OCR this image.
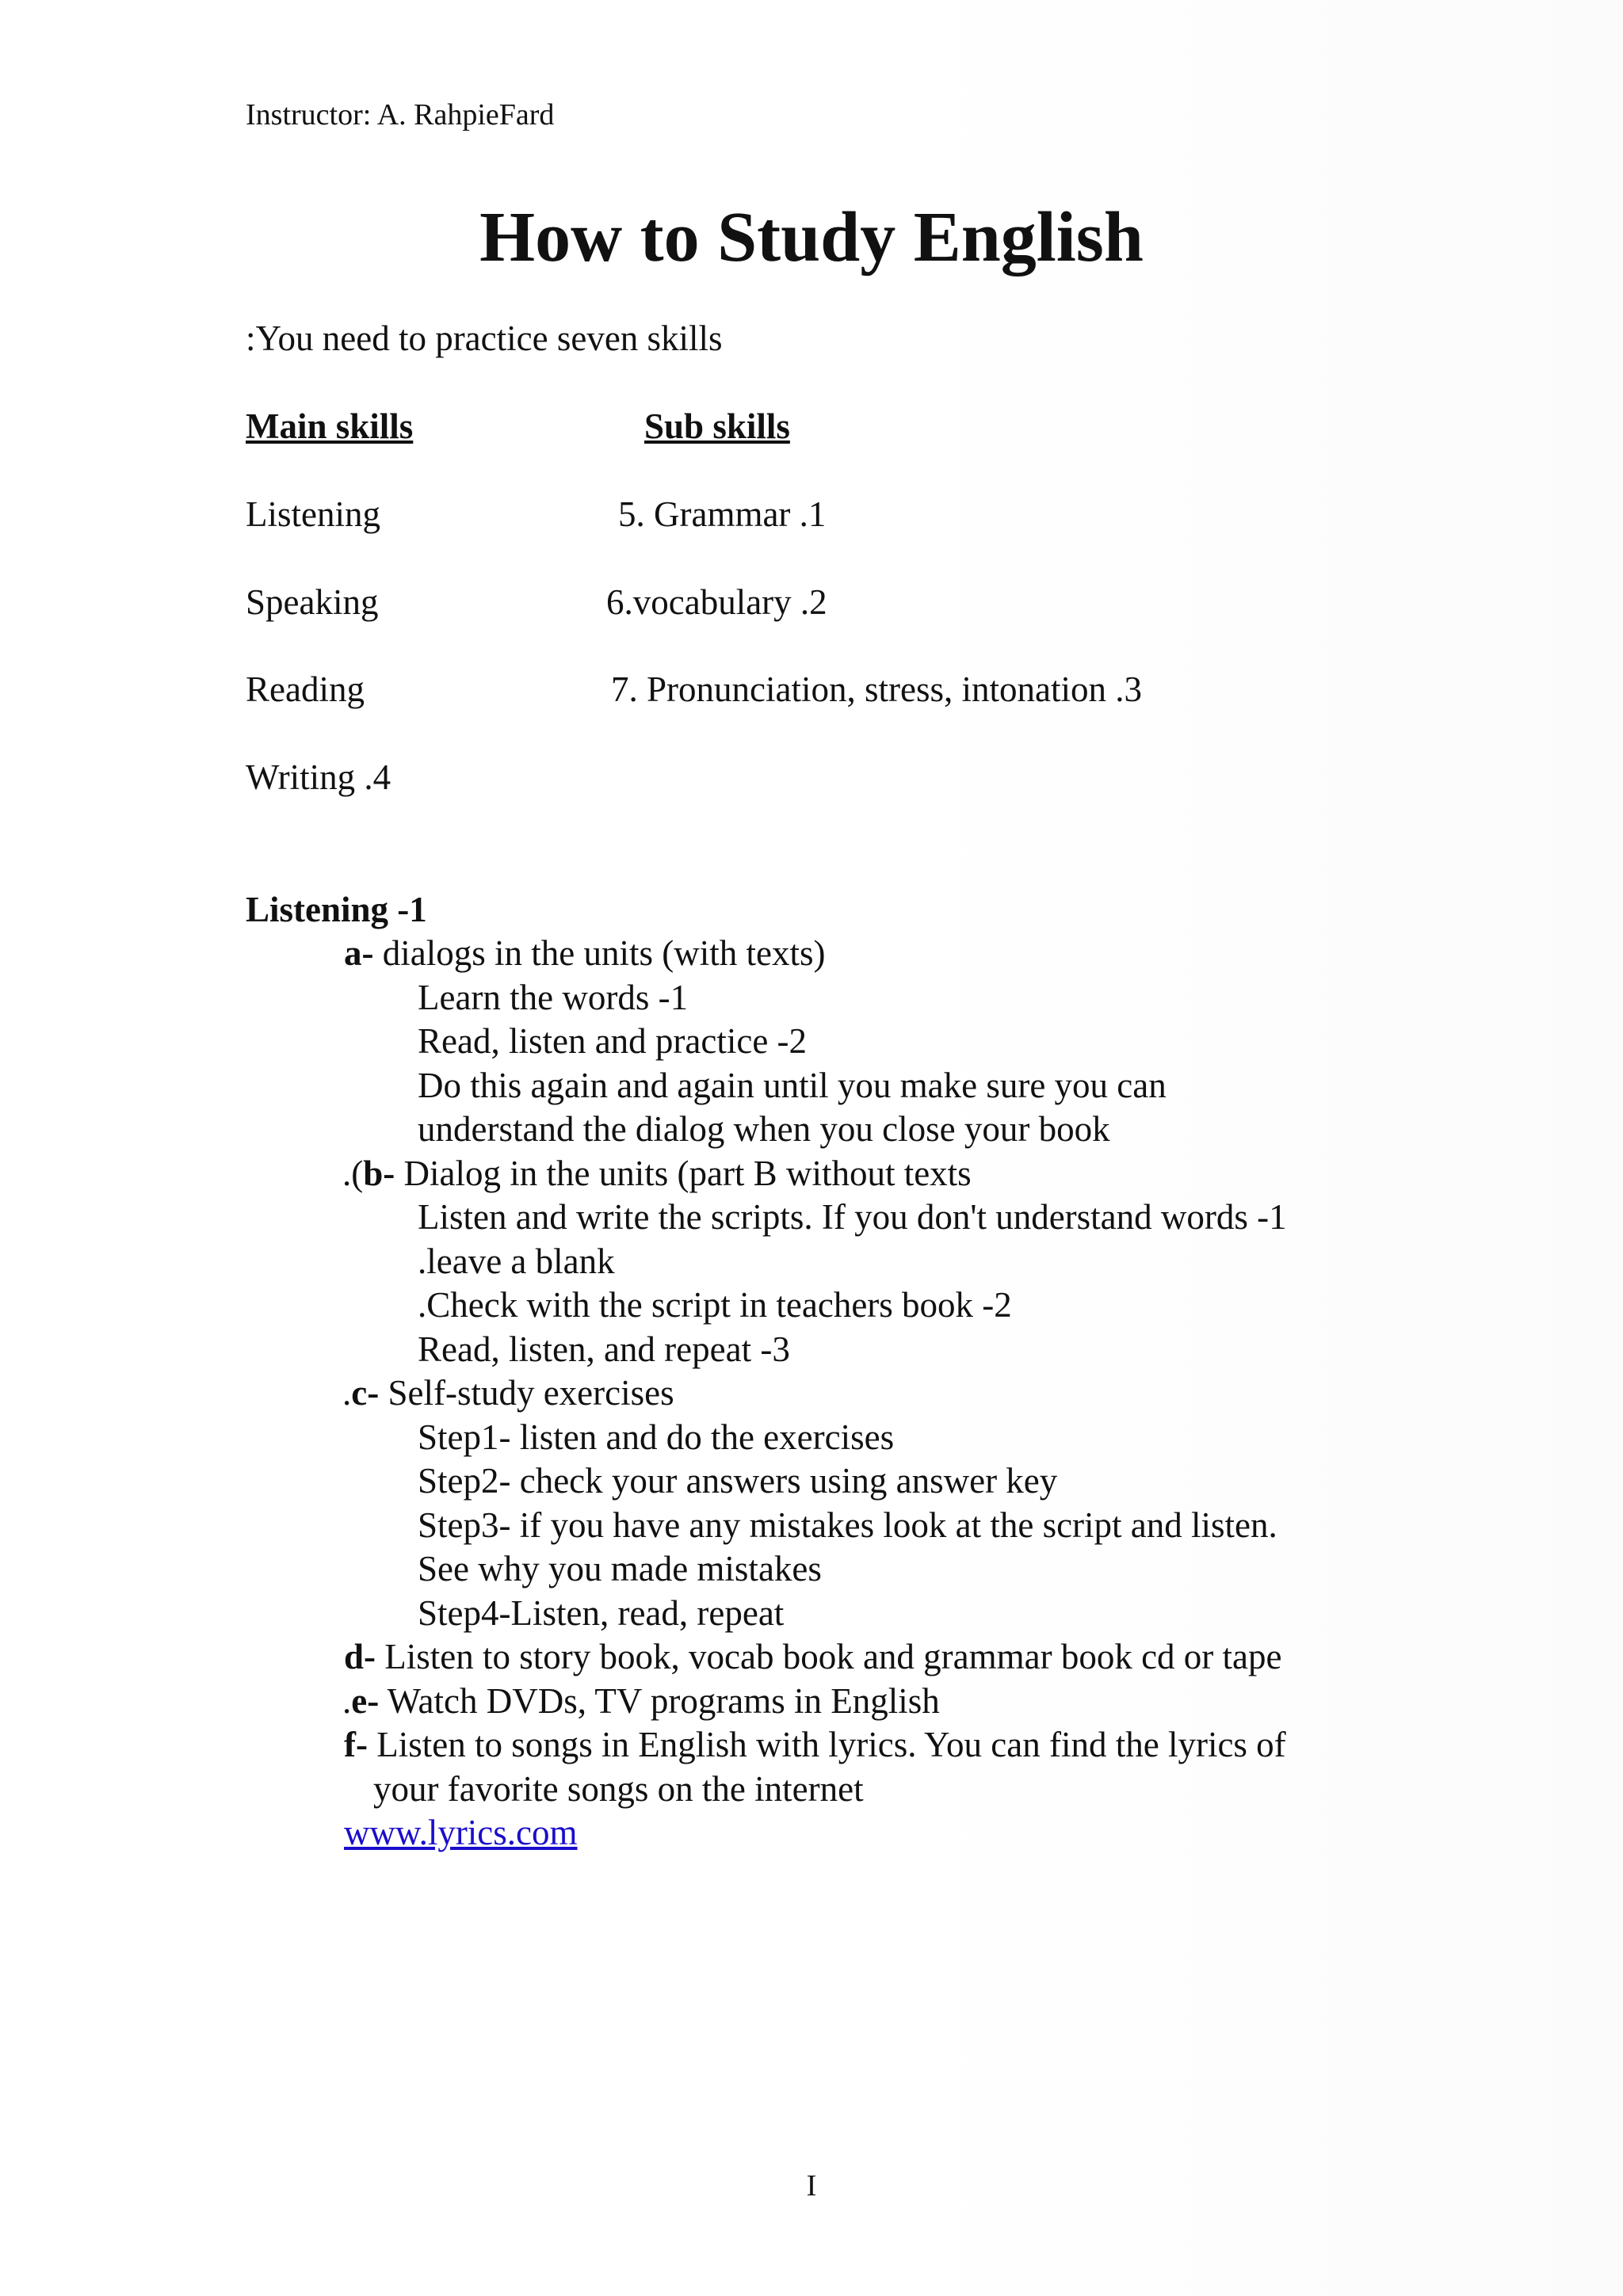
Instructor: A. RahpieFard
How to Study English
:You need to practice seven skills
Main skills	Sub skills
Listening	5. Grammar .1
Speaking	6.vocabulary .2
Reading	7. Pronunciation, stress, intonation .3
Writing .4
Listening -1
a- dialogs in the units (with texts)
Learn the words -1
Read, listen and practice -2
Do this again and again until you make sure you can
understand the dialog when you close your book
.(b- Dialog in the units (part B without texts
Listen and write the scripts. If you don't understand words -1
.leave a blank
.Check with the script in teachers book -2
Read, listen, and repeat -3
.c- Self-study exercises
Step1- listen and do the exercises
Step2- check your answers using answer key
Step3- if you have any mistakes look at the script and listen.
See why you made mistakes
Step4-Listen, read, repeat
d- Listen to story book, vocab book and grammar book cd or tape
.e- Watch DVDs, TV programs in English
f- Listen to songs in English with lyrics. You can find the lyrics of
your favorite songs on the internet
www.lyrics.com
I
